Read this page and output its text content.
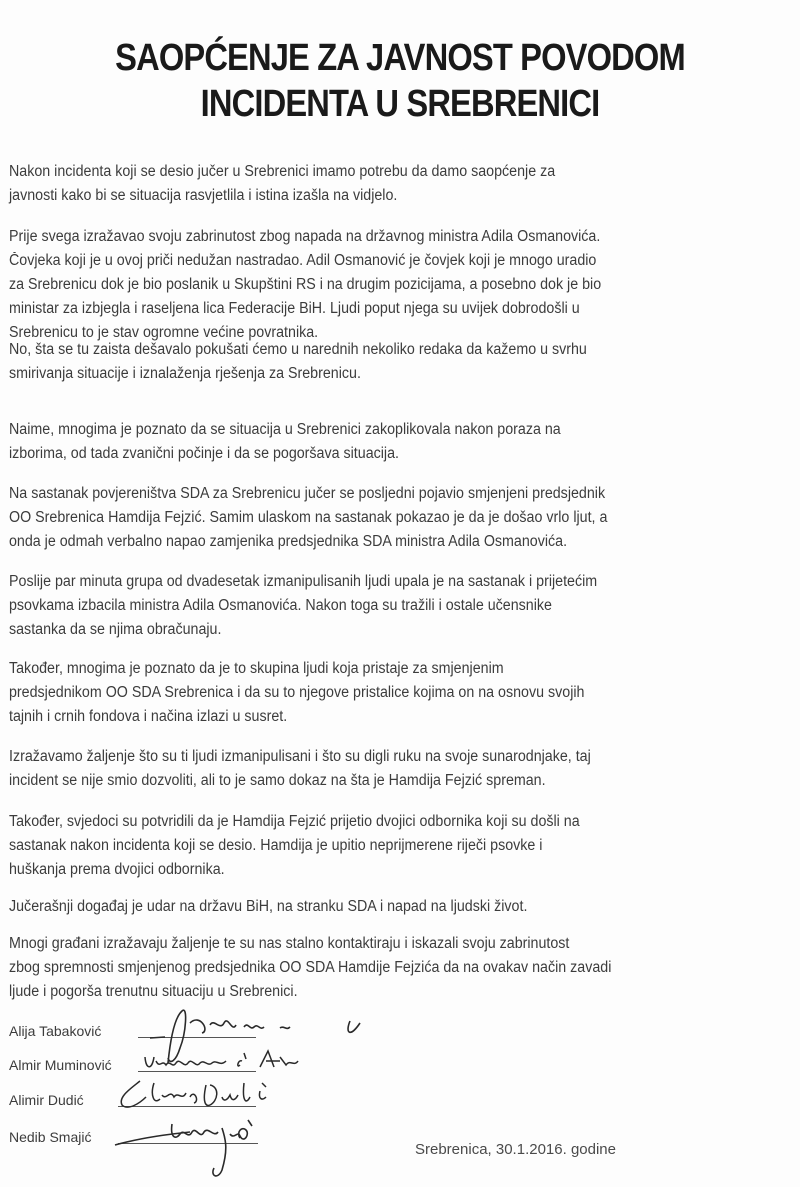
SAOPĆENJE ZA JAVNOST POVODOM
INCIDENTA U SREBRENICI
Nakon incidenta koji se desio jučer u Srebrenici imamo potrebu da damo saopćenje za
javnosti kako bi se situacija rasvjetlila i istina izašla na vidjelo.
Prije svega izražavao svoju zabrinutost zbog napada na državnog ministra Adila Osmanovića.
Čovjeka koji je u ovoj priči nedužan nastradao. Adil Osmanović je čovjek koji je mnogo uradio
za Srebrenicu dok je bio poslanik u Skupštini RS i na drugim pozicijama, a posebno dok je bio
ministar za izbjegla i raseljena lica Federacije BiH. Ljudi poput njega su uvijek dobrodošli u
Srebrenicu to je stav ogromne većine povratnika.
No, šta se tu zaista dešavalo pokušati ćemo u narednih nekoliko redaka da kažemo u svrhu
smirivanja situacije i iznalaženja rješenja za Srebrenicu.
Naime, mnogima je poznato da se situacija u Srebrenici zakoplikovala nakon poraza na
izborima, od tada zvanični počinje i da se pogoršava situacija.
Na sastanak povjereništva SDA za Srebrenicu jučer se posljedni pojavio smjenjeni predsjednik
OO Srebrenica Hamdija Fejzić. Samim ulaskom na sastanak pokazao je da je došao vrlo ljut, a
onda je odmah verbalno napao zamjenika predsjednika SDA ministra Adila Osmanovića.
Poslije par minuta grupa od dvadesetak izmanipulisanih ljudi upala je na sastanak i prijetećim
psovkama izbacila ministra Adila Osmanovića. Nakon toga su tražili i ostale učensnike
sastanka da se njima obračunaju.
Također, mnogima je poznato da je to skupina ljudi koja pristaje za smjenjenim
predsjednikom OO SDA Srebrenica i da su to njegove pristalice kojima on na osnovu svojih
tajnih i crnih fondova i načina izlazi u susret.
Izražavamo žaljenje što su ti ljudi izmanipulisani i što su digli ruku na svoje sunarodnjake, taj
incident se nije smio dozvoliti, ali to je samo dokaz na šta je Hamdija Fejzić spreman.
Također, svjedoci su potvridili da je Hamdija Fejzić prijetio dvojici odbornika koji su došli na
sastanak nakon incidenta koji se desio. Hamdija je upitio neprijmerene riječi psovke i
huškanja prema dvojici odbornika.
Jučerašnji događaj je udar na državu BiH, na stranku SDA i napad na ljudski život.
Mnogi građani izražavaju žaljenje te su nas stalno kontaktiraju i iskazali svoju zabrinutost
zbog spremnosti smjenjenog predsjednika OO SDA Hamdije Fejzića da na ovakav način zavadi
ljude i pogorša trenutnu situaciju u Srebrenici.
Alija Tabaković
Almir Muminović
Alimir Dudić
Nedib Smajić
Srebrenica, 30.1.2016. godine
